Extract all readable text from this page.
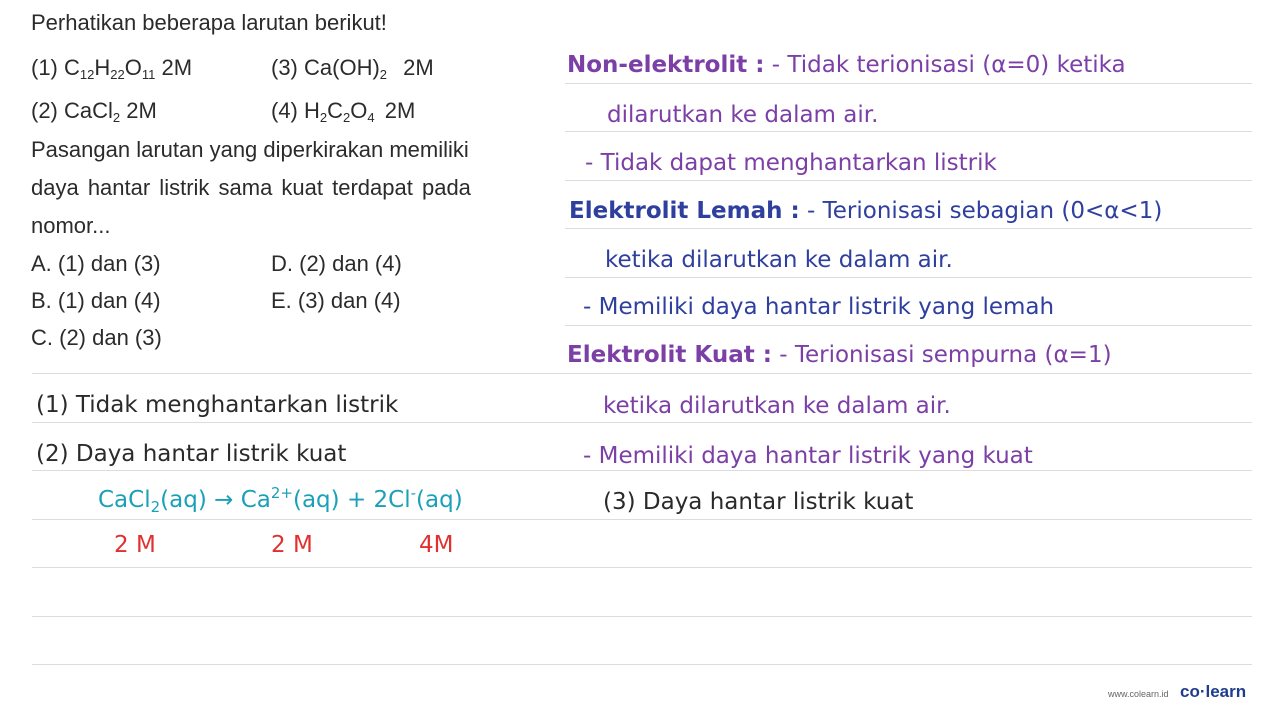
Perhatikan beberapa larutan berikut!
(1) $C_{12}H_{22}O_{11}$ 2M	(3) $Ca(OH)_2$ 2M
(2) CaCl$_2$ 2M	(4) $H_2C_2O_4$ 2M
Pasangan larutan yang diperkirakan memiliki
daya hantar listrik sama kuat terdapat pada
nomor...
A. (1) dan (3)	D. (2) dan (4)
B. (1) dan (4)	E. (3) dan (4)
C. (2) dan (3)
Non-elektrolit : - Tidak terionisasi (α=0) ketika
dilarutkan ke dalam air.
- Tidak dapat menghantarkan listrik
Elektrolit Lemah : - Terionisasi sebagian (0<α<1)
ketika dilarutkan ke dalam air.
- Memiliki daya hantar listrik yang lemah
Elektrolit Kuat : - Terionisasi sempurna (α=1)
ketika dilarutkan ke dalam air.
- Memiliki daya hantar listrik yang kuat
(1) Tidak menghantarkan listrik
(2) Daya hantar listrik kuat
(3) Daya hantar listrik kuat
CaCl$_2$(aq) → $Ca^{2+}(aq) + 2Cl^-(aq)$
2 M	2 M	4M
www.colearn.id co·learn
